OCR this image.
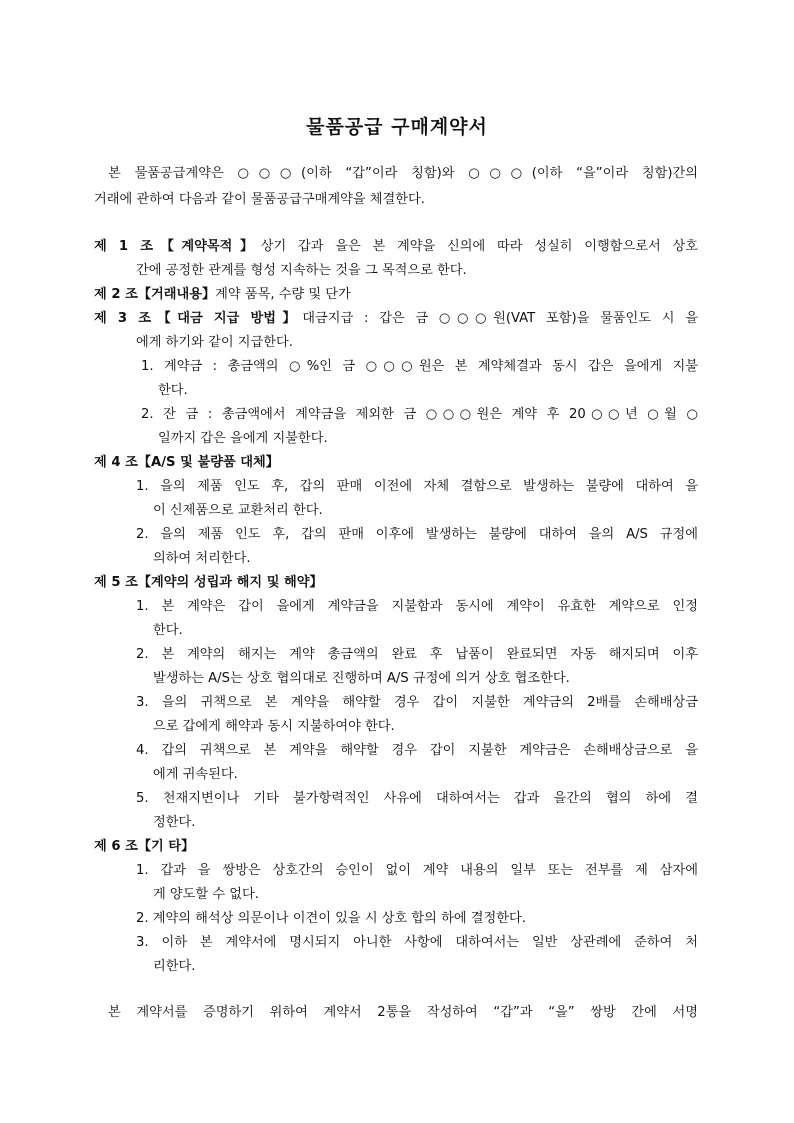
물품공급 구매계약서
본 물품공급계약은 ○○○(이하 “갑”이라 칭함)와 ○○○(이하 “을”이라 칭함)간의
거래에 관하여 다음과 같이 물품공급구매계약을 체결한다.
제 1 조【계약목적】상기 갑과 을은 본 계약을 신의에 따라 성실히 이행함으로서 상호
간에 공정한 관계를 형성 지속하는 것을 그 목적으로 한다.
제 2 조【거래내용】계약 품목, 수량 및 단가
제 3 조【대금 지급 방법】대금지급 : 갑은 금 ○○○원(VAT 포함)을 물품인도 시 을
에게 하기와 같이 지급한다.
1. 계약금 : 총금액의 ○%인 금 ○○○원은 본 계약체결과 동시 갑은 을에게 지불
한다.
2. 잔 금 : 총금액에서 계약금을 제외한 금 ○○○원은 계약 후 20○○년 ○월 ○
일까지 갑은 을에게 지불한다.
제 4 조【A/S 및 불량품 대체】
1. 을의 제품 인도 후, 갑의 판매 이전에 자체 결함으로 발생하는 불량에 대하여 을
이 신제품으로 교환처리 한다.
2. 을의 제품 인도 후, 갑의 판매 이후에 발생하는 불량에 대하여 을의 A/S 규정에
의하여 처리한다.
제 5 조【계약의 성립과 해지 및 해약】
1. 본 계약은 갑이 을에게 계약금을 지불함과 동시에 계약이 유효한 계약으로 인정
한다.
2. 본 계약의 해지는 계약 총금액의 완료 후 납품이 완료되면 자동 해지되며 이후
발생하는 A/S는 상호 협의대로 진행하며 A/S 규정에 의거 상호 협조한다.
3. 을의 귀책으로 본 계약을 해약할 경우 갑이 지불한 계약금의 2배를 손해배상금
으로 갑에게 해약과 동시 지불하여야 한다.
4. 갑의 귀책으로 본 계약을 해약할 경우 갑이 지불한 계약금은 손해배상금으로 을
에게 귀속된다.
5. 천재지변이나 기타 불가항력적인 사유에 대하여서는 갑과 을간의 협의 하에 결
정한다.
제 6 조【기 타】
1. 갑과 을 쌍방은 상호간의 승인이 없이 계약 내용의 일부 또는 전부를 제 삼자에
게 양도할 수 없다.
2. 계약의 해석상 의문이나 이견이 있을 시 상호 합의 하에 결정한다.
3. 이하 본 계약서에 명시되지 아니한 사항에 대하여서는 일반 상관례에 준하여 처
리한다.
본 계약서를 증명하기 위하여 계약서 2통을 작성하여 “갑”과 “을” 쌍방 간에 서명
